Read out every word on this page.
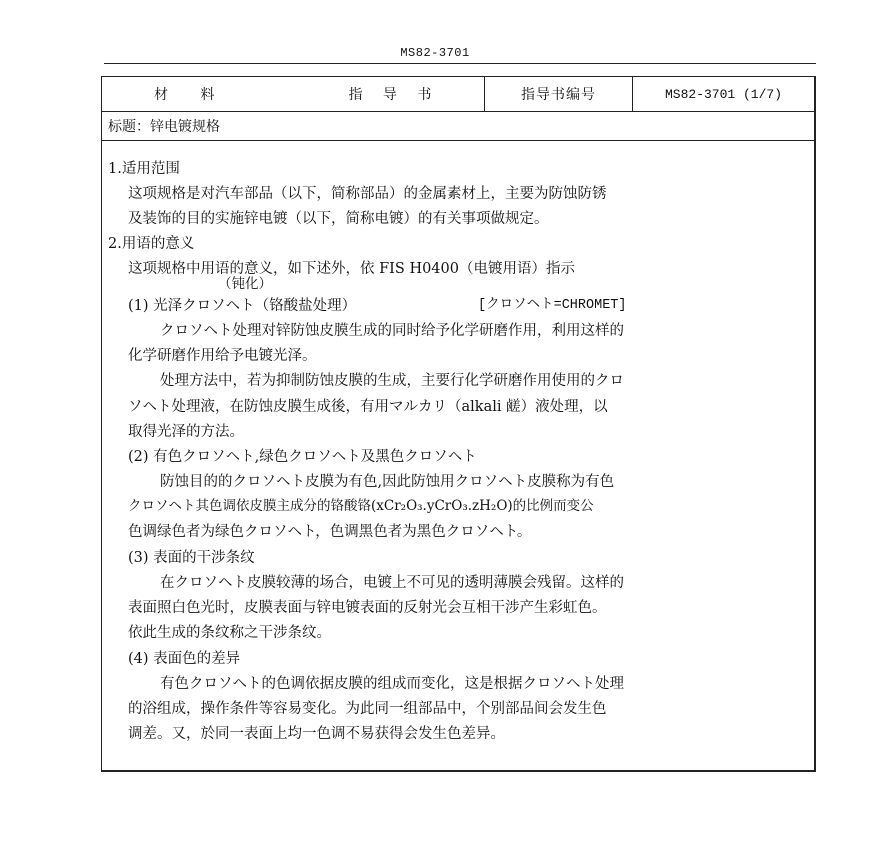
MS82-3701
材 料	指 导 书	指导书编号	MS82-3701 (1/7)
标题：锌电镀规格
1.适用范围
这项规格是对汽车部品（以下，简称部品）的金属素材上，主要为防蚀防锈
及装饰的目的实施锌电镀（以下，简称电镀）的有关事项做规定。
2.用语的意义
这项规格中用语的意义，如下述外，依 FIS H0400（电镀用语）指示
（钝化）
(1) 光泽クロソヘト（铬酸盐处理）	[クロソヘト=CHROMET]
クロソヘト处理对锌防蚀皮膜生成的同时给予化学研磨作用，利用这样的
化学研磨作用给予电镀光泽。
处理方法中，若为抑制防蚀皮膜的生成，主要行化学研磨作用使用的クロ
ソヘト处理液，在防蚀皮膜生成後，有用マルカリ（alkali 鹾）液处理，以
取得光泽的方法。
(2) 有色クロソヘト,绿色クロソヘト及黑色クロソヘト
防蚀目的的クロソヘト皮膜为有色,因此防蚀用クロソヘト皮膜称为有色
クロソヘト其色调依皮膜主成分的铬酸铬(xCr₂O₃.yCrO₃.zH₂O)的比例而变公
色调绿色者为绿色クロソヘト，色调黑色者为黑色クロソヘト。
(3) 表面的干涉条纹
在クロソヘト皮膜较薄的场合，电镀上不可见的透明薄膜会残留。这样的
表面照白色光时，皮膜表面与锌电镀表面的反射光会互相干涉产生彩虹色。
依此生成的条纹称之干涉条纹。
(4) 表面色的差异
有色クロソヘト的色调依据皮膜的组成而变化，这是根据クロソヘト处理
的浴组成，操作条件等容易变化。为此同一组部品中，个别部品间会发生色
调差。又，於同一表面上均一色调不易获得会发生色差异。
